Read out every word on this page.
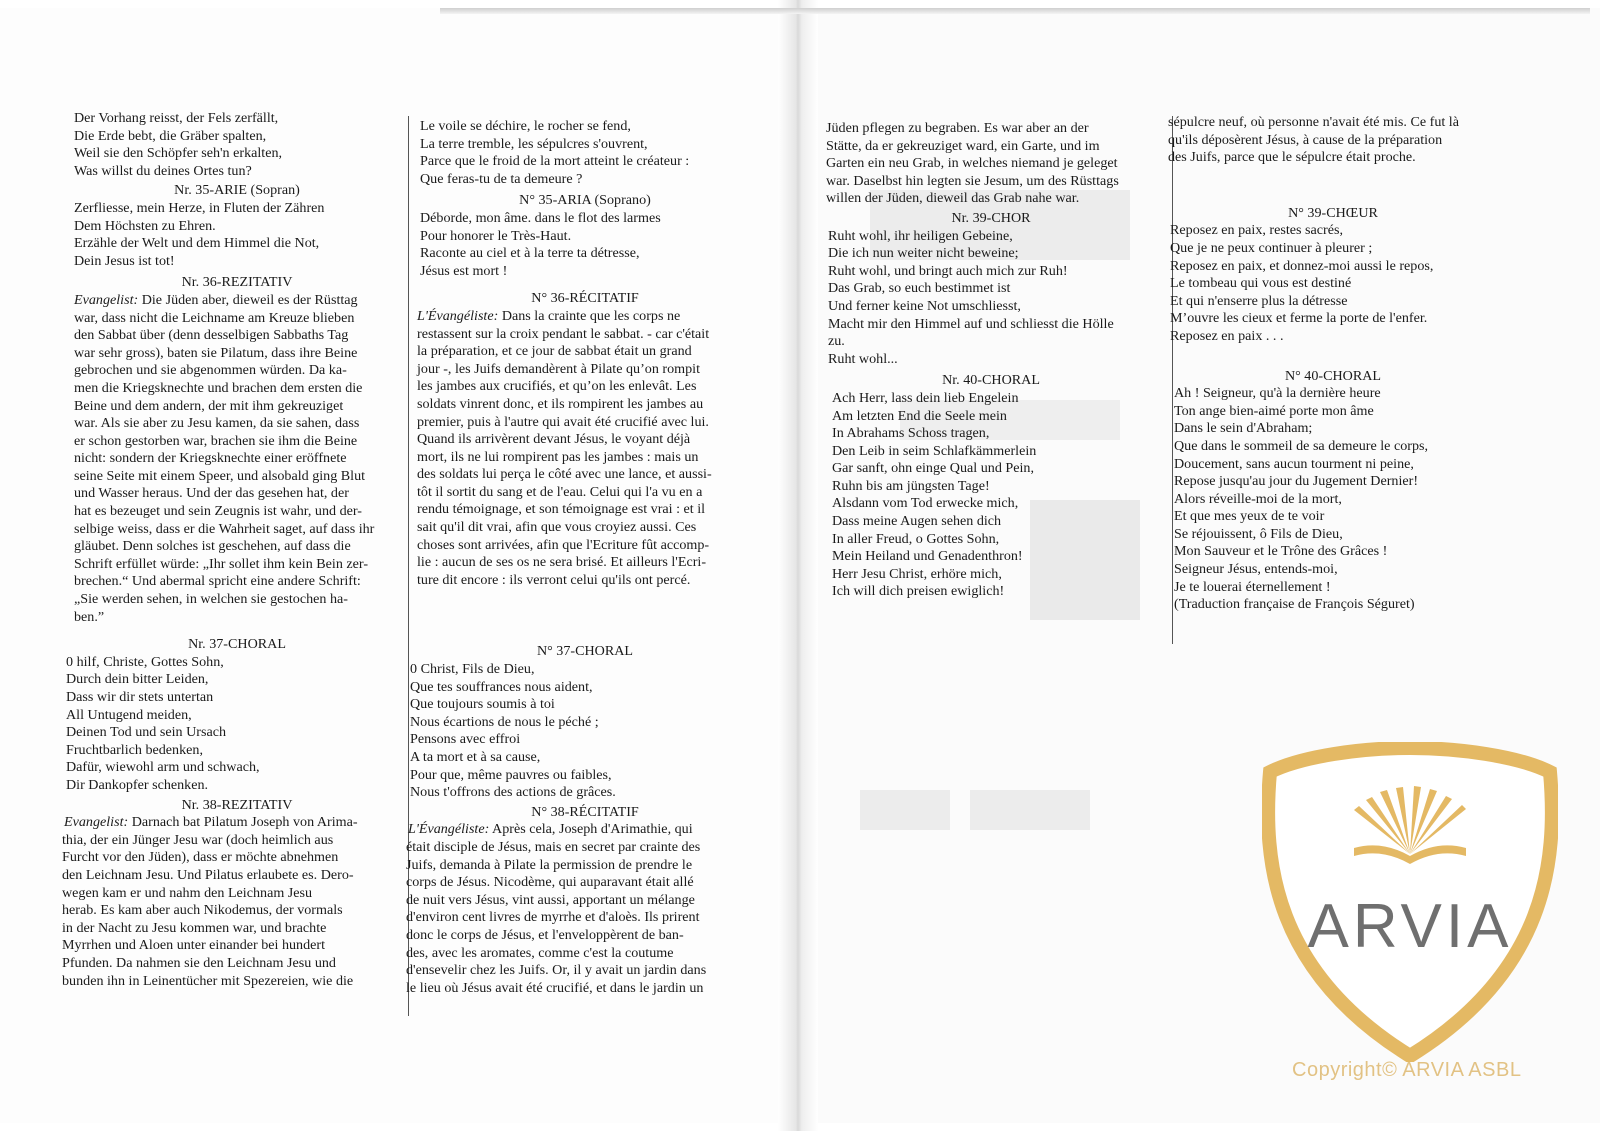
Der Vorhang reisst, der Fels zerfällt,
Die Erde bebt, die Gräber spalten,
Weil sie den Schöpfer seh'n erkalten,
Was willst du deines Ortes tun?
Nr. 35-ARIE (Sopran)
Zerfliesse, mein Herze, in Fluten der Zähren
Dem Höchsten zu Ehren.
Erzähle der Welt und dem Himmel die Not,
Dein Jesus ist tot!
Nr. 36-REZITATIV
Evangelist: Die Jüden aber, dieweil es der Rüsttag
war, dass nicht die Leichname am Kreuze blieben
den Sabbat über (denn desselbigen Sabbaths Tag
war sehr gross), baten sie Pilatum, dass ihre Beine
gebrochen und sie abgenommen würden. Da ka-
men die Kriegsknechte und brachen dem ersten die
Beine und dem andern, der mit ihm gekreuziget
war. Als sie aber zu Jesu kamen, da sie sahen, dass
er schon gestorben war, brachen sie ihm die Beine
nicht: sondern der Kriegsknechte einer eröffnete
seine Seite mit einem Speer, und alsobald ging Blut
und Wasser heraus. Und der das gesehen hat, der
hat es bezeuget und sein Zeugnis ist wahr, und der-
selbige weiss, dass er die Wahrheit saget, auf dass ihr
gläubet. Denn solches ist geschehen, auf dass die
Schrift erfüllet würde: „Ihr sollet ihm kein Bein zer-
brechen.“ Und abermal spricht eine andere Schrift:
„Sie werden sehen, in welchen sie gestochen ha-
ben.”
Nr. 37-CHORAL
0 hilf, Christe, Gottes Sohn,
Durch dein bitter Leiden,
Dass wir dir stets untertan
All Untugend meiden,
Deinen Tod und sein Ursach
Fruchtbarlich bedenken,
Dafür, wiewohl arm und schwach,
Dir Dankopfer schenken.
Nr. 38-REZITATIV
Evangelist: Darnach bat Pilatum Joseph von Arima-
thia, der ein Jünger Jesu war (doch heimlich aus
Furcht vor den Jüden), dass er möchte abnehmen
den Leichnam Jesu. Und Pilatus erlaubete es. Dero-
wegen kam er und nahm den Leichnam Jesu
herab. Es kam aber auch Nikodemus, der vormals
in der Nacht zu Jesu kommen war, und brachte
Myrrhen und Aloen unter einander bei hundert
Pfunden. Da nahmen sie den Leichnam Jesu und
bunden ihn in Leinentücher mit Spezereien, wie die
Le voile se déchire, le rocher se fend,
La terre tremble, les sépulcres s'ouvrent,
Parce que le froid de la mort atteint le créateur :
Que feras-tu de ta demeure ?
N° 35-ARIA (Soprano)
Déborde, mon âme. dans le flot des larmes
Pour honorer le Très-Haut.
Raconte au ciel et à la terre ta détresse,
Jésus est mort !
N° 36-RÉCITATIF
L'Évangéliste: Dans la crainte que les corps ne
restassent sur la croix pendant le sabbat. - car c'était
la préparation, et ce jour de sabbat était un grand
jour -, les Juifs demandèrent à Pilate qu’on rompit
les jambes aux crucifiés, et qu’on les enlevât. Les
soldats vinrent donc, et ils rompirent les jambes au
premier, puis à l'autre qui avait été crucifié avec lui.
Quand ils arrivèrent devant Jésus, le voyant déjà
mort, ils ne lui rompirent pas les jambes : mais un
des soldats lui perça le côté avec une lance, et aussi-
tôt il sortit du sang et de l'eau. Celui qui l'a vu en a
rendu témoignage, et son témoignage est vrai : et il
sait qu'il dit vrai, afin que vous croyiez aussi. Ces
choses sont arrivées, afin que l'Ecriture fût accomp-
lie : aucun de ses os ne sera brisé. Et ailleurs l'Ecri-
ture dit encore : ils verront celui qu'ils ont percé.
N° 37-CHORAL
0 Christ, Fils de Dieu,
Que tes souffrances nous aident,
Que toujours soumis à toi
Nous écartions de nous le péché ;
Pensons avec effroi
A ta mort et à sa cause,
Pour que, même pauvres ou faibles,
Nous t'offrons des actions de grâces.
N° 38-RÉCITATIF
L'Évangéliste: Après cela, Joseph d'Arimathie, qui
était disciple de Jésus, mais en secret par crainte des
Juifs, demanda à Pilate la permission de prendre le
corps de Jésus. Nicodème, qui auparavant était allé
de nuit vers Jésus, vint aussi, apportant un mélange
d'environ cent livres de myrrhe et d'aloès. Ils prirent
donc le corps de Jésus, et l'enveloppèrent de ban-
des, avec les aromates, comme c'est la coutume
d'ensevelir chez les Juifs. Or, il y avait un jardin dans
le lieu où Jésus avait été crucifié, et dans le jardin un
Jüden pflegen zu begraben. Es war aber an der
Stätte, da er gekreuziget ward, ein Garte, und im
Garten ein neu Grab, in welches niemand je geleget
war. Daselbst hin legten sie Jesum, um des Rüsttags
willen der Jüden, dieweil das Grab nahe war.
Nr. 39-CHOR
Ruht wohl, ihr heiligen Gebeine,
Die ich nun weiter nicht beweine;
Ruht wohl, und bringt auch mich zur Ruh!
Das Grab, so euch bestimmet ist
Und ferner keine Not umschliesst,
Macht mir den Himmel auf und schliesst die Hölle
zu.
Ruht wohl...
Nr. 40-CHORAL
Ach Herr, lass dein lieb Engelein
Am letzten End die Seele mein
In Abrahams Schoss tragen,
Den Leib in seim Schlafkämmerlein
Gar sanft, ohn einge Qual und Pein,
Ruhn bis am jüngsten Tage!
Alsdann vom Tod erwecke mich,
Dass meine Augen sehen dich
In aller Freud, o Gottes Sohn,
Mein Heiland und Genadenthron!
Herr Jesu Christ, erhöre mich,
Ich will dich preisen ewiglich!
sépulcre neuf, où personne n'avait été mis. Ce fut là
qu'ils déposèrent Jésus, à cause de la préparation
des Juifs, parce que le sépulcre était proche.
N° 39-CHŒUR
Reposez en paix, restes sacrés,
Que je ne peux continuer à pleurer ;
Reposez en paix, et donnez-moi aussi le repos,
Le tombeau qui vous est destiné
Et qui n'enserre plus la détresse
M’ouvre les cieux et ferme la porte de l'enfer.
Reposez en paix . . .
N° 40-CHORAL
Ah ! Seigneur, qu'à la dernière heure
Ton ange bien-aimé porte mon âme
Dans le sein d'Abraham;
Que dans le sommeil de sa demeure le corps,
Doucement, sans aucun tourment ni peine,
Repose jusqu'au jour du Jugement Dernier!
Alors réveille-moi de la mort,
Et que mes yeux de te voir
Se réjouissent, ô Fils de Dieu,
Mon Sauveur et le Trône des Grâces !
Seigneur Jésus, entends-moi,
Je te louerai éternellement !
(Traduction française de François Séguret)
ARVIA
Copyright© ARVIA ASBL
